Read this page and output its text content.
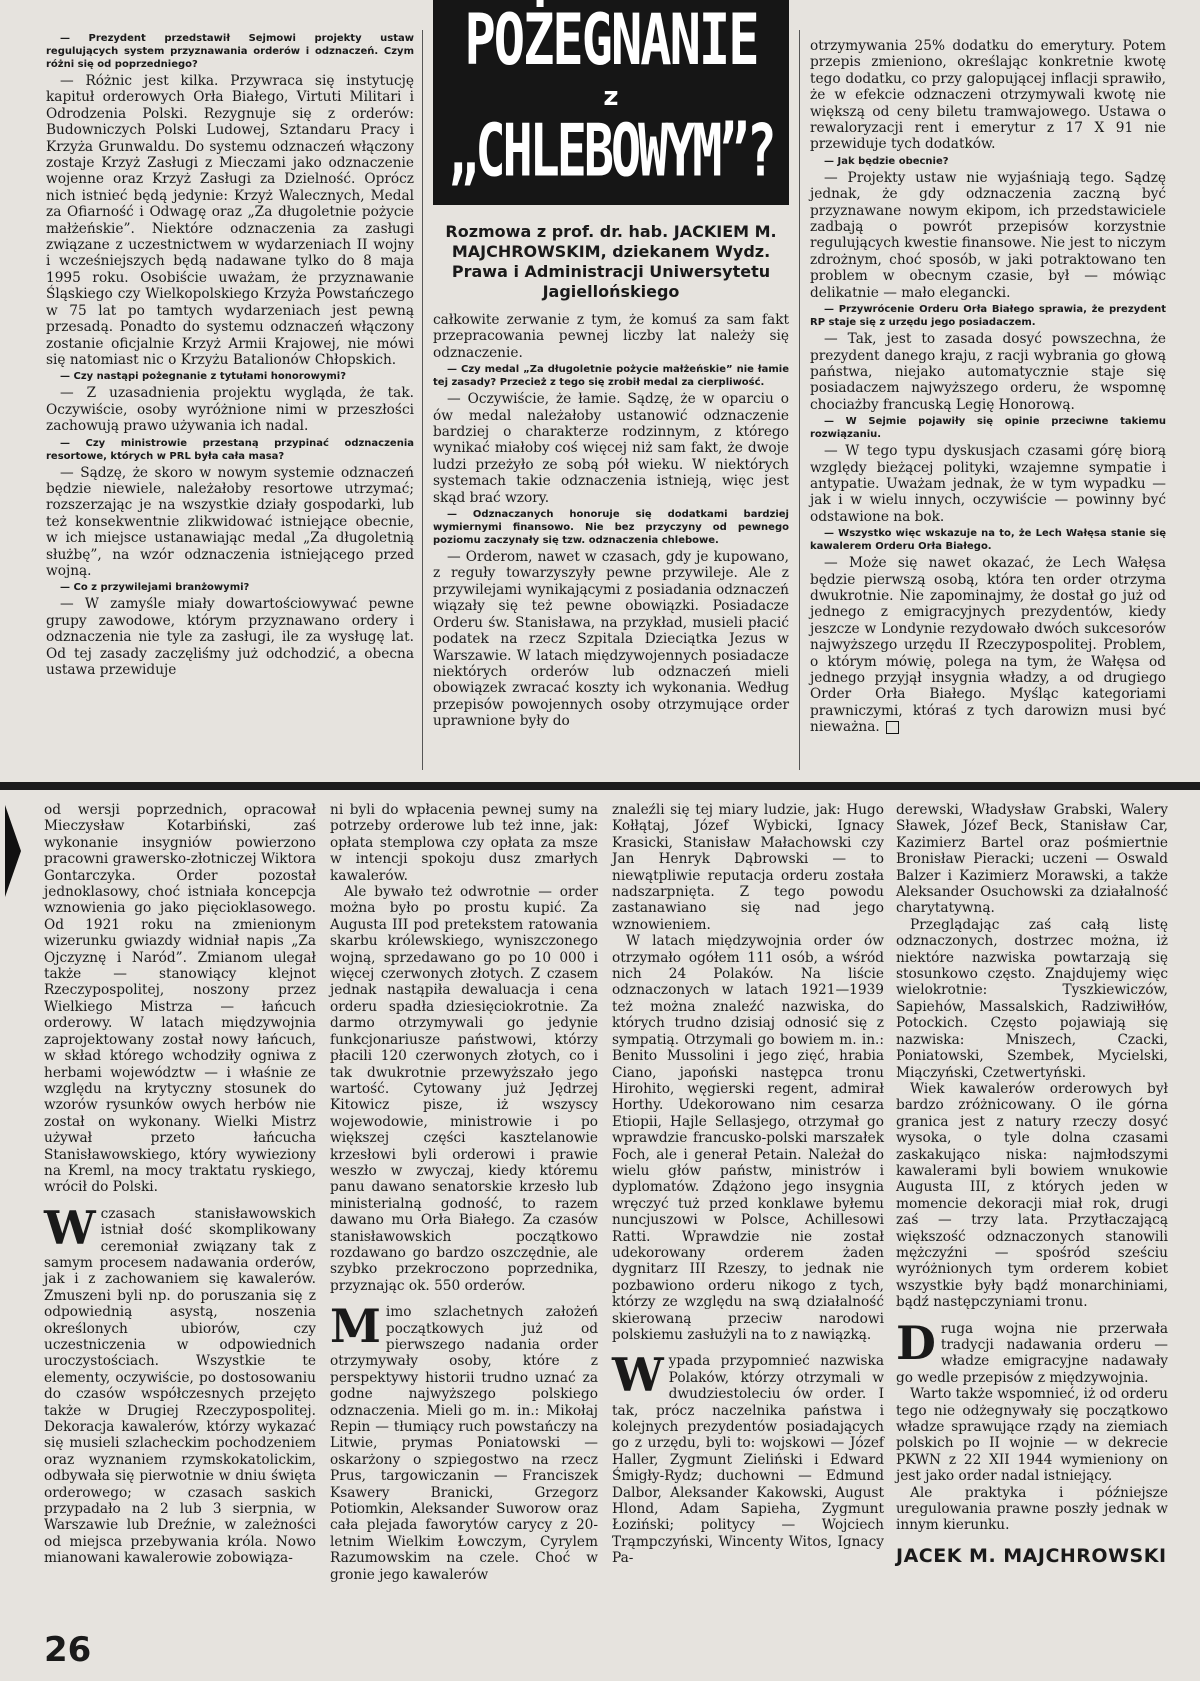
— Prezydent przedstawił Sejmowi projekty ustaw regulujących system przyznawania orderów i odznaczeń. Czym różni się od poprzedniego?

— Różnic jest kilka. Przywraca się instytucję kapituł orderowych Orła Białego, Virtuti Militari i Odrodzenia Polski. Rezygnuje się z orderów: Budowniczych Polski Ludowej, Sztandaru Pracy i Krzyża Grunwaldu. Do systemu odznaczeń włączony zostaje Krzyż Zasługi z Mieczami jako odznaczenie wojenne oraz Krzyż Zasługi za Dzielność. Oprócz nich istnieć będą jedynie: Krzyż Walecznych, Medal za Ofiarność i Odwagę oraz „Za długoletnie pożycie małżeńskie”. Niektóre odznaczenia za zasługi związane z uczestnictwem w wydarzeniach II wojny i wcześniejszych będą nadawane tylko do 8 maja 1995 roku. Osobiście uważam, że przyznawanie Śląskiego czy Wielkopolskiego Krzyża Powstańczego w 75 lat po tamtych wydarzeniach jest pewną przesadą. Ponadto do systemu odznaczeń włączony zostanie oficjalnie Krzyż Armii Krajowej, nie mówi się natomiast nic o Krzyżu Batalionów Chłopskich.

— Czy nastąpi pożegnanie z tytułami honorowymi?

— Z uzasadnienia projektu wygląda, że tak. Oczywiście, osoby wyróżnione nimi w przeszłości zachowują prawo używania ich nadal.

— Czy ministrowie przestaną przypinać odznaczenia resortowe, których w PRL była cała masa?

— Sądzę, że skoro w nowym systemie odznaczeń będzie niewiele, należałoby resortowe utrzymać; rozszerzając je na wszystkie działy gospodarki, lub też konsekwentnie zlikwidować istniejące obecnie, w ich miejsce ustanawiając medal „Za długoletnią służbę”, na wzór odznaczenia istniejącego przed wojną.

— Co z przywilejami branżowymi?

— W zamyśle miały dowartościowywać pewne grupy zawodowe, którym przyznawano ordery i odznaczenia nie tyle za zasługi, ile za wysługę lat. Od tej zasady zaczęliśmy już odchodzić, a obecna ustawa przewiduje

POŻEGNANIE
z
„CHLEBOWYM”?
Rozmowa z prof. dr. hab. JACKIEM M. MAJCHROWSKIM, dziekanem Wydz. Prawa i Administracji Uniwersytetu Jagiellońskiego

całkowite zerwanie z tym, że komuś za sam fakt przepracowania pewnej liczby lat należy się odznaczenie.

— Czy medal „Za długoletnie pożycie małżeńskie” nie łamie tej zasady? Przecież z tego się zrobił medal za cierpliwość.

— Oczywiście, że łamie. Sądzę, że w oparciu o ów medal należałoby ustanowić odznaczenie bardziej o charakterze rodzinnym, z którego wynikać miałoby coś więcej niż sam fakt, że dwoje ludzi przeżyło ze sobą pół wieku. W niektórych systemach takie odznaczenia istnieją, więc jest skąd brać wzory.

— Odznaczanych honoruje się dodatkami bardziej wymiernymi finansowo. Nie bez przyczyny od pewnego poziomu zaczynały się tzw. odznaczenia chlebowe.

— Orderom, nawet w czasach, gdy je kupowano, z reguły towarzyszyły pewne przywileje. Ale z przywilejami wynikającymi z posiadania odznaczeń wiązały się też pewne obowiązki. Posiadacze Orderu św. Stanisława, na przykład, musieli płacić podatek na rzecz Szpitala Dzieciątka Jezus w Warszawie. W latach międzywojennych posiadacze niektórych orderów lub odznaczeń mieli obowiązek zwracać koszty ich wykonania. Według przepisów powojennych osoby otrzymujące order uprawnione były do

otrzymywania 25% dodatku do emerytury. Potem przepis zmieniono, określając konkretnie kwotę tego dodatku, co przy galopującej inflacji sprawiło, że w efekcie odznaczeni otrzymywali kwotę nie większą od ceny biletu tramwajowego. Ustawa o rewaloryzacji rent i emerytur z 17 X 91 nie przewiduje tych dodatków.

— Jak będzie obecnie?

— Projekty ustaw nie wyjaśniają tego. Sądzę jednak, że gdy odznaczenia zaczną być przyznawane nowym ekipom, ich przedstawiciele zadbają o powrót przepisów korzystnie regulujących kwestie finansowe. Nie jest to niczym zdrożnym, choć sposób, w jaki potraktowano ten problem w obecnym czasie, był — mówiąc delikatnie — mało elegancki.

— Przywrócenie Orderu Orła Białego sprawia, że prezydent RP staje się z urzędu jego posiadaczem.

— Tak, jest to zasada dosyć powszechna, że prezydent danego kraju, z racji wybrania go głową państwa, niejako automatycznie staje się posiadaczem najwyższego orderu, że wspomnę chociażby francuską Legię Honorową.

— W Sejmie pojawiły się opinie przeciwne takiemu rozwiązaniu.

— W tego typu dyskusjach czasami górę biorą względy bieżącej polityki, wzajemne sympatie i antypatie. Uważam jednak, że w tym wypadku — jak i w wielu innych, oczywiście — powinny być odstawione na bok.

— Wszystko więc wskazuje na to, że Lech Wałęsa stanie się kawalerem Orderu Orła Białego.

— Może się nawet okazać, że Lech Wałęsa będzie pierwszą osobą, która ten order otrzyma dwukrotnie. Nie zapominajmy, że dostał go już od jednego z emigracyjnych prezydentów, kiedy jeszcze w Londynie rezydowało dwóch sukcesorów najwyższego urzędu II Rzeczypospolitej. Problem, o którym mówię, polega na tym, że Wałęsa od jednego przyjął insygnia władzy, a od drugiego Order Orła Białego. Myśląc kategoriami prawniczymi, któraś z tych darowizn musi być nieważna.

od wersji poprzednich, opracował Mieczysław Kotarbiński, zaś wykonanie insygniów powierzono pracowni grawersko-złotniczej Wiktora Gontarczyka. Order pozostał jednoklasowy, choć istniała koncepcja wznowienia go jako pięcioklasowego. Od 1921 roku na zmienionym wizerunku gwiazdy widniał napis „Za Ojczyznę i Naród”. Zmianom ulegał także — stanowiący klejnot Rzeczypospolitej, noszony przez Wielkiego Mistrza — łańcuch orderowy. W latach międzywojnia zaprojektowany został nowy łańcuch, w skład którego wchodziły ogniwa z herbami województw — i właśnie ze względu na krytyczny stosunek do wzorów rysunków owych herbów nie został on wykonany. Wielki Mistrz używał przeto łańcucha Stanisławowskiego, który wywieziony na Kreml, na mocy traktatu ryskiego, wrócił do Polski.

Wczasach stanisławowskich istniał dość skomplikowany ceremoniał związany tak z samym procesem nadawania orderów, jak i z zachowaniem się kawalerów. Zmuszeni byli np. do poruszania się z odpowiednią asystą, noszenia określonych ubiorów, czy uczestniczenia w odpowiednich uroczystościach. Wszystkie te elementy, oczywiście, po dostosowaniu do czasów współczesnych przejęto także w Drugiej Rzeczypospolitej. Dekoracja kawalerów, którzy wykazać się musieli szlacheckim pochodzeniem oraz wyznaniem rzymskokatolickim, odbywała się pierwotnie w dniu święta orderowego; w czasach saskich przypadało na 2 lub 3 sierpnia, w Warszawie lub Dreźnie, w zależności od miejsca przebywania króla. Nowo mianowani kawalerowie zobowiąza-

ni byli do wpłacenia pewnej sumy na potrzeby orderowe lub też inne, jak: opłata stemplowa czy opłata za msze w intencji spokoju dusz zmarłych kawalerów.

Ale bywało też odwrotnie — order można było po prostu kupić. Za Augusta III pod pretekstem ratowania skarbu królewskiego, wyniszczonego wojną, sprzedawano go po 10 000 i więcej czerwonych złotych. Z czasem jednak nastąpiła dewaluacja i cena orderu spadła dziesięciokrotnie. Za darmo otrzymywali go jedynie funkcjonariusze państwowi, którzy płacili 120 czerwonych złotych, co i tak dwukrotnie przewyższało jego wartość. Cytowany już Jędrzej Kitowicz pisze, iż wszyscy wojewodowie, ministrowie i po większej części kasztelanowie krzesłowi byli orderowi i prawie weszło w zwyczaj, kiedy któremu panu dawano senatorskie krzesło lub ministerialną godność, to razem dawano mu Orła Białego. Za czasów stanisławowskich początkowo rozdawano go bardzo oszczędnie, ale szybko przekroczono poprzednika, przyznając ok. 550 orderów.

Mimo szlachetnych założeń początkowych już od pierwszego nadania order otrzymywały osoby, które z perspektywy historii trudno uznać za godne najwyższego polskiego odznaczenia. Mieli go m. in.: Mikołaj Repin — tłumiący ruch powstańczy na Litwie, prymas Poniatowski — oskarżony o szpiegostwo na rzecz Prus, targowiczanin — Franciszek Ksawery Branicki, Grzegorz Potiomkin, Aleksander Suworow oraz cała plejada faworytów carycy z 20-letnim Wielkim Łowczym, Cyrylem Razumowskim na czele. Choć w gronie jego kawalerów

znaleźli się tej miary ludzie, jak: Hugo Kołłątaj, Józef Wybicki, Ignacy Krasicki, Stanisław Małachowski czy Jan Henryk Dąbrowski — to niewątpliwie reputacja orderu została nadszarpnięta. Z tego powodu zastanawiano się nad jego wznowieniem.

W latach międzywojnia order ów otrzymało ogółem 111 osób, a wśród nich 24 Polaków. Na liście odznaczonych w latach 1921—1939 też można znaleźć nazwiska, do których trudno dzisiaj odnosić się z sympatią. Otrzymali go bowiem m. in.: Benito Mussolini i jego zięć, hrabia Ciano, japoński następca tronu Hirohito, węgierski regent, admirał Horthy. Udekorowano nim cesarza Etiopii, Hajle Sellasjego, otrzymał go wprawdzie francusko-polski marszałek Foch, ale i generał Petain. Należał do wielu głów państw, ministrów i dyplomatów. Zdążono jego insygnia wręczyć tuż przed konklawe byłemu nuncjuszowi w Polsce, Achillesowi Ratti. Wprawdzie nie został udekorowany orderem żaden dygnitarz III Rzeszy, to jednak nie pozbawiono orderu nikogo z tych, którzy ze względu na swą działalność skierowaną przeciw narodowi polskiemu zasłużyli na to z nawiązką.

Wypada przypomnieć nazwiska Polaków, którzy otrzymali w dwudziestoleciu ów order. I tak, prócz naczelnika państwa i kolejnych prezydentów posiadających go z urzędu, byli to: wojskowi — Józef Haller, Zygmunt Zieliński i Edward Śmigły-Rydz; duchowni — Edmund Dalbor, Aleksander Kakowski, August Hlond, Adam Sapieha, Zygmunt Łoziński; politycy — Wojciech Trąmpczyński, Wincenty Witos, Ignacy Pa-

derewski, Władysław Grabski, Walery Sławek, Józef Beck, Stanisław Car, Kazimierz Bartel oraz pośmiertnie Bronisław Pieracki; uczeni — Oswald Balzer i Kazimierz Morawski, a także Aleksander Osuchowski za działalność charytatywną.

Przeglądając zaś całą listę odznaczonych, dostrzec można, iż niektóre nazwiska powtarzają się stosunkowo często. Znajdujemy więc wielokrotnie: Tyszkiewiczów, Sapiehów, Massalskich, Radziwiłłów, Potockich. Często pojawiają się nazwiska: Mniszech, Czacki, Poniatowski, Szembek, Mycielski, Miączyński, Czetwertyński.

Wiek kawalerów orderowych był bardzo zróżnicowany. O ile górna granica jest z natury rzeczy dosyć wysoka, o tyle dolna czasami zaskakująco niska: najmłodszymi kawalerami byli bowiem wnukowie Augusta III, z których jeden w momencie dekoracji miał rok, drugi zaś — trzy lata. Przytłaczającą większość odznaczonych stanowili mężczyźni — spośród sześciu wyróżnionych tym orderem kobiet wszystkie były bądź monarchiniami, bądź następczyniami tronu.

Druga wojna nie przerwała tradycji nadawania orderu — władze emigracyjne nadawały go wedle przepisów z międzywojnia.

Warto także wspomnieć, iż od orderu tego nie odżegnywały się początkowo władze sprawujące rządy na ziemiach polskich po II wojnie — w dekrecie PKWN z 22 XII 1944 wymieniony on jest jako order nadal istniejący.

Ale praktyka i późniejsze uregulowania prawne poszły jednak w innym kierunku.

JACEK M. MAJCHROWSKI
26
